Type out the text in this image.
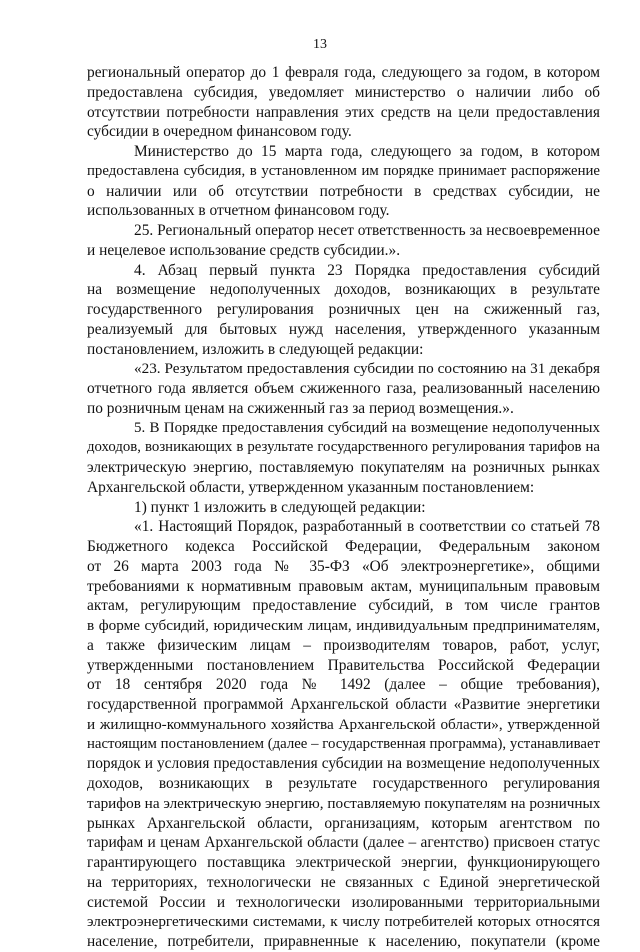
13
региональный оператор до 1 февраля года, следующего за годом, в котором
предоставлена субсидия, уведомляет министерство о наличии либо об
отсутствии потребности направления этих средств на цели предоставления
субсидии в очередном финансовом году.
Министерство до 15 марта года, следующего за годом, в котором
предоставлена субсидия, в установленном им порядке принимает распоряжение
о наличии или об отсутствии потребности в средствах субсидии, не
использованных в отчетном финансовом году.
25. Региональный оператор несет ответственность за несвоевременное
и нецелевое использование средств субсидии.».
4. Абзац первый пункта 23 Порядка предоставления субсидий
на возмещение недополученных доходов, возникающих в результате
государственного регулирования розничных цен на сжиженный газ,
реализуемый для бытовых нужд населения, утвержденного указанным
постановлением, изложить в следующей редакции:
«23. Результатом предоставления субсидии по состоянию на 31 декабря
отчетного года является объем сжиженного газа, реализованный населению
по розничным ценам на сжиженный газ за период возмещения.».
5. В Порядке предоставления субсидий на возмещение недополученных
доходов, возникающих в результате государственного регулирования тарифов на
электрическую энергию, поставляемую покупателям на розничных рынках
Архангельской области, утвержденном указанным постановлением:
1) пункт 1 изложить в следующей редакции:
«1. Настоящий Порядок, разработанный в соответствии со статьей 78
Бюджетного кодекса Российской Федерации, Федеральным законом
от 26 марта 2003 года № 35-ФЗ «Об электроэнергетике», общими
требованиями к нормативным правовым актам, муниципальным правовым
актам, регулирующим предоставление субсидий, в том числе грантов
в форме субсидий, юридическим лицам, индивидуальным предпринимателям,
а также физическим лицам – производителям товаров, работ, услуг,
утвержденными постановлением Правительства Российской Федерации
от 18 сентября 2020 года № 1492 (далее – общие требования),
государственной программой Архангельской области «Развитие энергетики
и жилищно-коммунального хозяйства Архангельской области», утвержденной
настоящим постановлением (далее – государственная программа), устанавливает
порядок и условия предоставления субсидии на возмещение недополученных
доходов, возникающих в результате государственного регулирования
тарифов на электрическую энергию, поставляемую покупателям на розничных
рынках Архангельской области, организациям, которым агентством по
тарифам и ценам Архангельской области (далее – агентство) присвоен статус
гарантирующего поставщика электрической энергии, функционирующего
на территориях, технологически не связанных с Единой энергетической
системой России и технологически изолированными территориальными
электроэнергетическими системами, к числу потребителей которых относятся
население, потребители, приравненные к населению, покупатели (кроме
